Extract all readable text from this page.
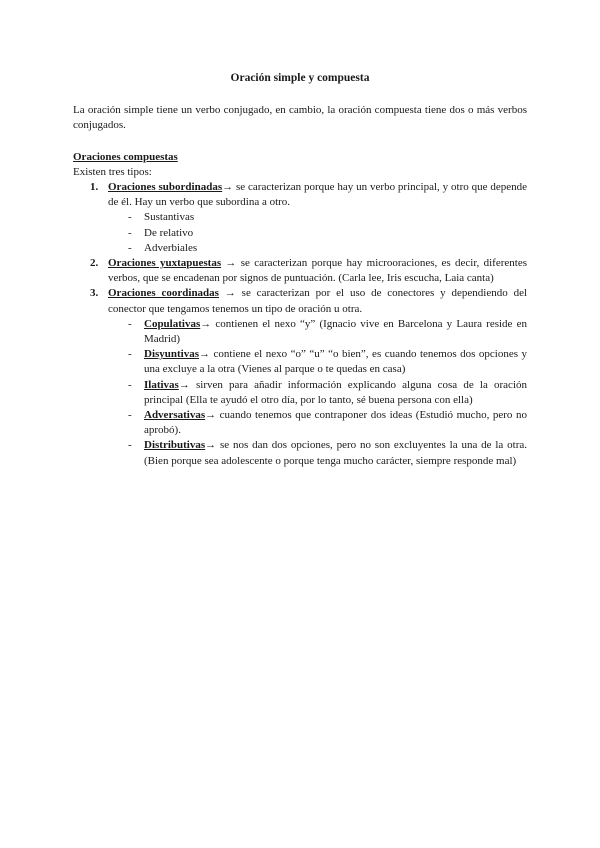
Oración simple y compuesta
La oración simple tiene un verbo conjugado, en cambio, la oración compuesta tiene dos o más verbos conjugados.
Oraciones compuestas
Existen tres tipos:
1. Oraciones subordinadas→ se caracterizan porque hay un verbo principal, y otro que depende de él. Hay un verbo que subordina a otro.
- Sustantivas
- De relativo
- Adverbiales
2. Oraciones yuxtapuestas → se caracterizan porque hay microoraciones, es decir, diferentes verbos, que se encadenan por signos de puntuación. (Carla lee, Iris escucha, Laia canta)
3. Oraciones coordinadas → se caracterizan por el uso de conectores y dependiendo del conector que tengamos tenemos un tipo de oración u otra.
- Copulativas→ contienen el nexo “y” (Ignacio vive en Barcelona y Laura reside en Madrid)
- Disyuntivas→ contiene el nexo “o” “u” “o bien”, es cuando tenemos dos opciones y una excluye a la otra (Vienes al parque o te quedas en casa)
- Ilativas→ sirven para añadir información explicando alguna cosa de la oración principal (Ella te ayudó el otro día, por lo tanto, sé buena persona con ella)
- Adversativas→ cuando tenemos que contraponer dos ideas (Estudió mucho, pero no aprobó).
- Distributivas→ se nos dan dos opciones, pero no son excluyentes la una de la otra. (Bien porque sea adolescente o porque tenga mucho carácter, siempre responde mal)
